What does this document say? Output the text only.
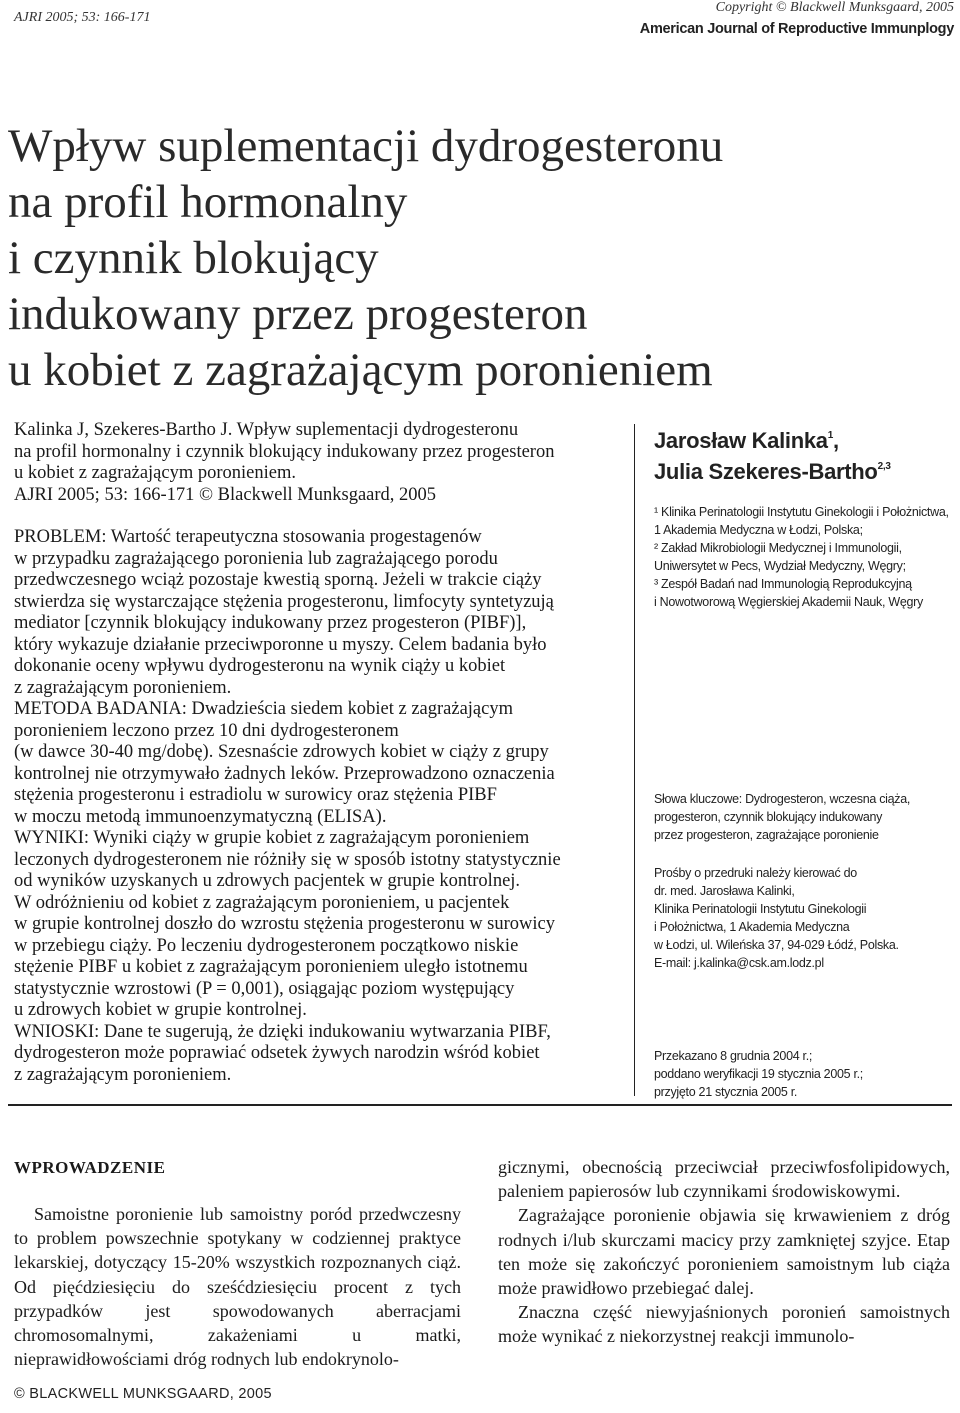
AJRI 2005; 53: 166-171
Copyright © Blackwell Munksgaard, 2005
American Journal of Reproductive Immunplogy
Wpływ suplementacji dydrogesteronu
na profil hormonalny
i czynnik blokujący
indukowany przez progesteron
u kobiet z zagrażającym poronieniem
Kalinka J, Szekeres-Bartho J. Wpływ suplementacji dydrogesteronu
na profil hormonalny i czynnik blokujący indukowany przez progesteron
u kobiet z zagrażającym poronieniem.
AJRI 2005; 53: 166-171 © Blackwell Munksgaard, 2005
PROBLEM: Wartość terapeutyczna stosowania progestagenów
w przypadku zagrażającego poronienia lub zagrażającego porodu
przedwczesnego wciąż pozostaje kwestią sporną. Jeżeli w trakcie ciąży
stwierdza się wystarczające stężenia progesteronu, limfocyty syntetyzują
mediator [czynnik blokujący indukowany przez progesteron (PIBF)],
który wykazuje działanie przeciwporonne u myszy. Celem badania było
dokonanie oceny wpływu dydrogesteronu na wynik ciąży u kobiet
z zagrażającym poronieniem.
METODA BADANIA: Dwadzieścia siedem kobiet z zagrażającym
poronieniem leczono przez 10 dni dydrogesteronem
(w dawce 30-40 mg/dobę). Szesnaście zdrowych kobiet w ciąży z grupy
kontrolnej nie otrzymywało żadnych leków. Przeprowadzono oznaczenia
stężenia progesteronu i estradiolu w surowicy oraz stężenia PIBF
w moczu metodą immunoenzymatyczną (ELISA).
WYNIKI: Wyniki ciąży w grupie kobiet z zagrażającym poronieniem
leczonych dydrogesteronem nie różniły się w sposób istotny statystycznie
od wyników uzyskanych u zdrowych pacjentek w grupie kontrolnej.
W odróżnieniu od kobiet z zagrażającym poronieniem, u pacjentek
w grupie kontrolnej doszło do wzrostu stężenia progesteronu w surowicy
w przebiegu ciąży. Po leczeniu dydrogesteronem początkowo niskie
stężenie PIBF u kobiet z zagrażającym poronieniem uległo istotnemu
statystycznie wzrostowi (P = 0,001), osiągając poziom występujący
u zdrowych kobiet w grupie kontrolnej.
WNIOSKI: Dane te sugerują, że dzięki indukowaniu wytwarzania PIBF,
dydrogesteron może poprawiać odsetek żywych narodzin wśród kobiet
z zagrażającym poronieniem.
Jarosław Kalinka$^1$,
Julia Szekeres-Bartho$^{2,3}$
¹ Klinika Perinatologii Instytutu Ginekologii i Położnictwa,
1 Akademia Medyczna w Łodzi, Polska;
² Zakład Mikrobiologii Medycznej i Immunologii,
Uniwersytet w Pecs, Wydział Medyczny, Węgry;
³ Zespół Badań nad Immunologią Reprodukcyjną
i Nowotworową Węgierskiej Akademii Nauk, Węgry
Słowa kluczowe: Dydrogesteron, wczesna ciąża,
progesteron, czynnik blokujący indukowany
przez progesteron, zagrażające poronienie
Prośby o przedruki należy kierować do
dr. med. Jarosława Kalinki,
Klinika Perinatologii Instytutu Ginekologii
i Położnictwa, 1 Akademia Medyczna
w Łodzi, ul. Wileńska 37, 94-029 Łódź, Polska.
E-mail: j.kalinka@csk.am.lodz.pl
Przekazano 8 grudnia 2004 r.;
poddano weryfikacji 19 stycznia 2005 r.;
przyjęto 21 stycznia 2005 r.
WPROWADZENIE
Samoistne poronienie lub samoistny poród przedwczesny to problem powszechnie spotykany w codziennej praktyce lekarskiej, dotyczący 15-20% wszystkich rozpoznanych ciąż. Od pięćdziesięciu do sześćdziesięciu procent z tych przypadków jest spowodowanych aberracjami chromosomalnymi, zakażeniami u matki, nieprawidłowościami dróg rodnych lub endokrynolo-
gicznymi, obecnością przeciwciał przeciwfosfolipidowych, paleniem papierosów lub czynnikami środowiskowymi.
Zagrażające poronienie objawia się krwawieniem z dróg rodnych i/lub skurczami macicy przy zamkniętej szyjce. Etap ten może się zakończyć poronieniem samoistnym lub ciąża może prawidłowo przebiegać dalej.
Znaczna część niewyjaśnionych poronień samoistnych może wynikać z niekorzystnej reakcji immunolo-
© BLACKWELL MUNKSGAARD, 2005
